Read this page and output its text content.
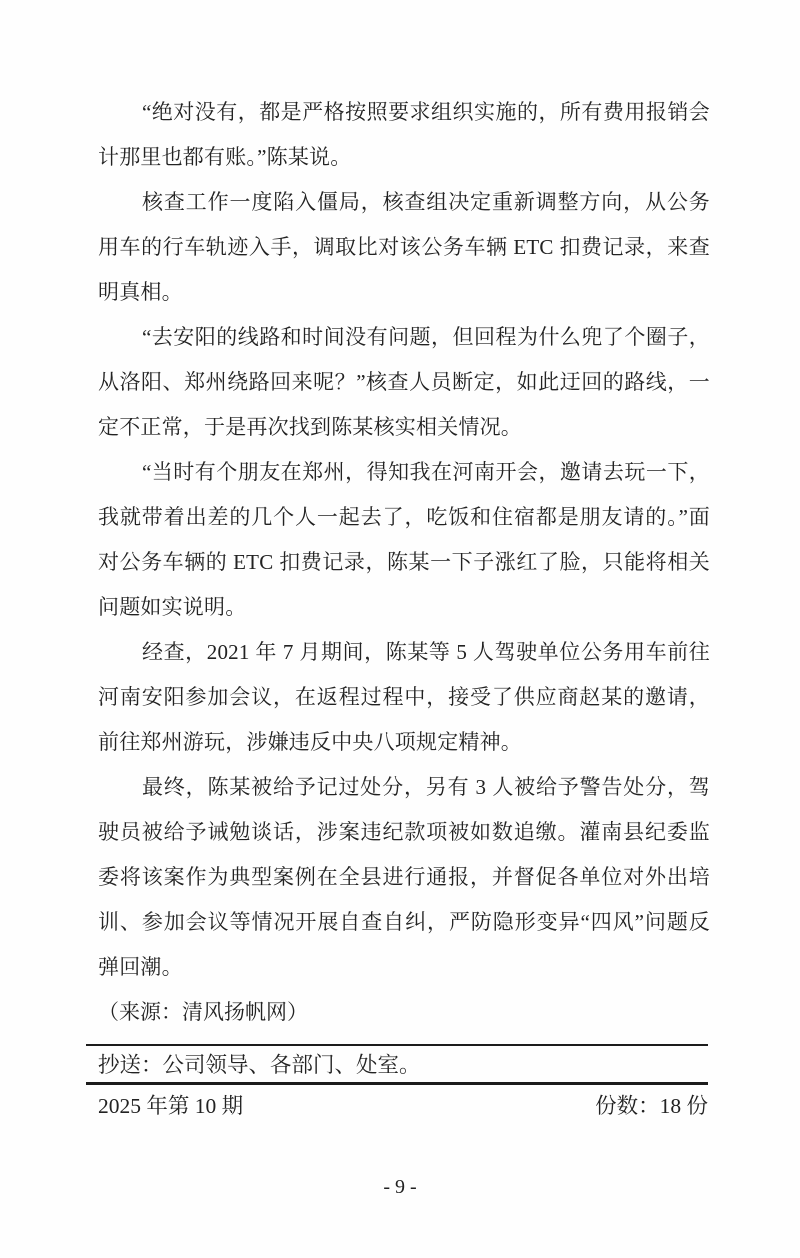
“绝对没有，都是严格按照要求组织实施的，所有费用报销会计那里也都有账。”陈某说。

核查工作一度陷入僵局，核查组决定重新调整方向，从公务用车的行车轨迹入手，调取比对该公务车辆 ETC 扣费记录，来查明真相。

“去安阳的线路和时间没有问题，但回程为什么兜了个圈子，从洛阳、郑州绕路回来呢？”核查人员断定，如此迂回的路线，一定不正常，于是再次找到陈某核实相关情况。

“当时有个朋友在郑州，得知我在河南开会，邀请去玩一下，我就带着出差的几个人一起去了，吃饭和住宿都是朋友请的。”面对公务车辆的 ETC 扣费记录，陈某一下子涨红了脸，只能将相关问题如实说明。

经查，2021 年 7 月期间，陈某等 5 人驾驶单位公务用车前往河南安阳参加会议，在返程过程中，接受了供应商赵某的邀请，前往郑州游玩，涉嫌违反中央八项规定精神。

最终，陈某被给予记过处分，另有 3 人被给予警告处分，驾驶员被给予诫勉谈话，涉案违纪款项被如数追缴。灌南县纪委监委将该案作为典型案例在全县进行通报，并督促各单位对外出培训、参加会议等情况开展自查自纠，严防隐形变异“四风”问题反弹回潮。

（来源：清风扬帆网）

抄送：公司领导、各部门、处室。
2025 年第 10 期	份数：18 份
- 9 -
